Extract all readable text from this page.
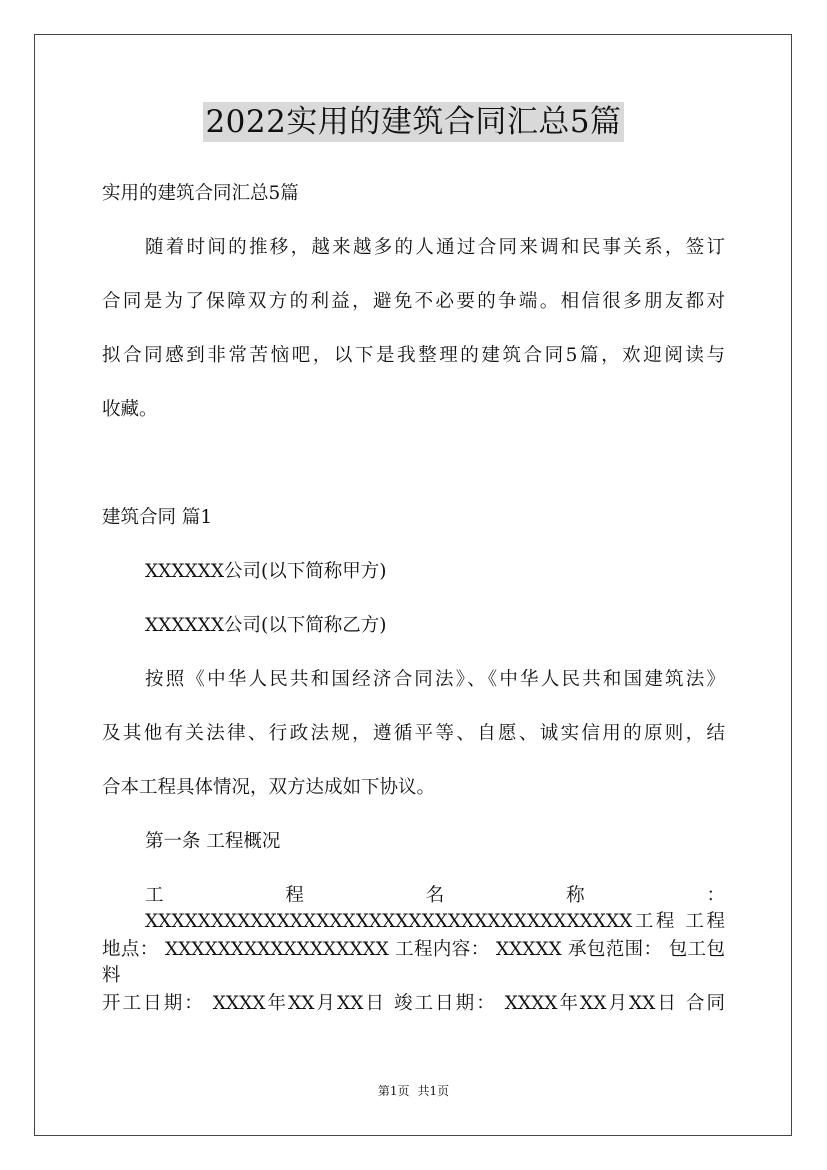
2022实用的建筑合同汇总5篇
实用的建筑合同汇总5篇
随着时间的推移，越来越多的人通过合同来调和民事关系，签订
合同是为了保障双方的利益，避免不必要的争端。相信很多朋友都对
拟合同感到非常苦恼吧，以下是我整理的建筑合同5篇，欢迎阅读与
收藏。
建筑合同 篇1
XXXXXX公司(以下简称甲方)
XXXXXX公司(以下简称乙方)
按照《中华人民共和国经济合同法》、《中华人民共和国建筑法》
及其他有关法律、行政法规，遵循平等、自愿、诚实信用的原则，结
合本工程具体情况，双方达成如下协议。
第一条 工程概况
工程名称： XXXXXXXXXXXXXXXXXXXXXXXXXXXXXXXXXXXXX工程 工程
地点： XXXXXXXXXXXXXXXXX 工程内容： XXXXX 承包范围： 包工包料
开工日期： XXXX年XX月XX日 竣工日期： XXXX年XX月XX日 合同
第1页 共1页
